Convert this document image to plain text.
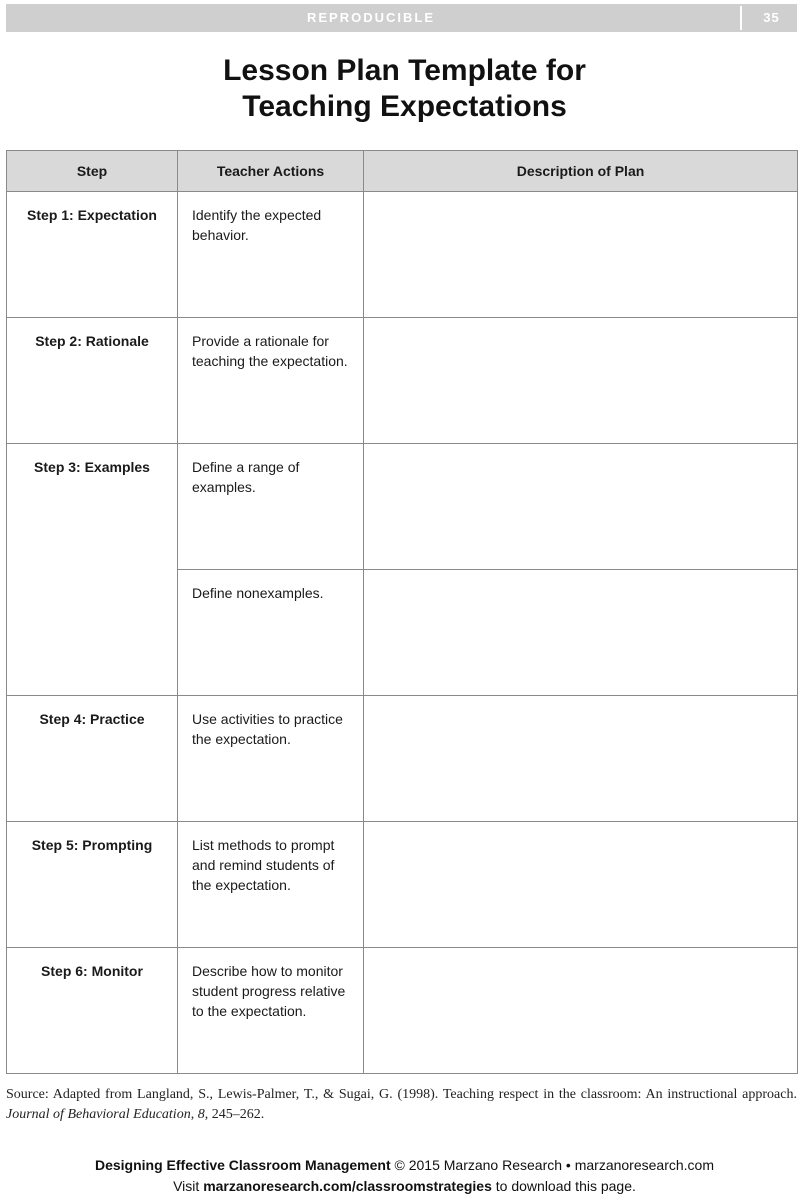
REPRODUCIBLE	35
Lesson Plan Template for
Teaching Expectations
Step	Teacher Actions	Description of Plan
Step 1: Expectation	Identify the expected behavior.	
Step 2: Rationale	Provide a rationale for teaching the expectation.	
Step 3: Examples	Define a range of examples.	
	Define nonexamples.	
Step 4: Practice	Use activities to practice the expectation.	
Step 5: Prompting	List methods to prompt and remind students of the expectation.	
Step 6: Monitor	Describe how to monitor student progress relative to the expectation.	
Source: Adapted from Langland, S., Lewis-Palmer, T., & Sugai, G. (1998). Teaching respect in the classroom: An instructional approach. Journal of Behavioral Education, 8, 245–262.
Designing Effective Classroom Management © 2015 Marzano Research • marzanoresearch.com
Visit marzanoresearch.com/classroomstrategies to download this page.
